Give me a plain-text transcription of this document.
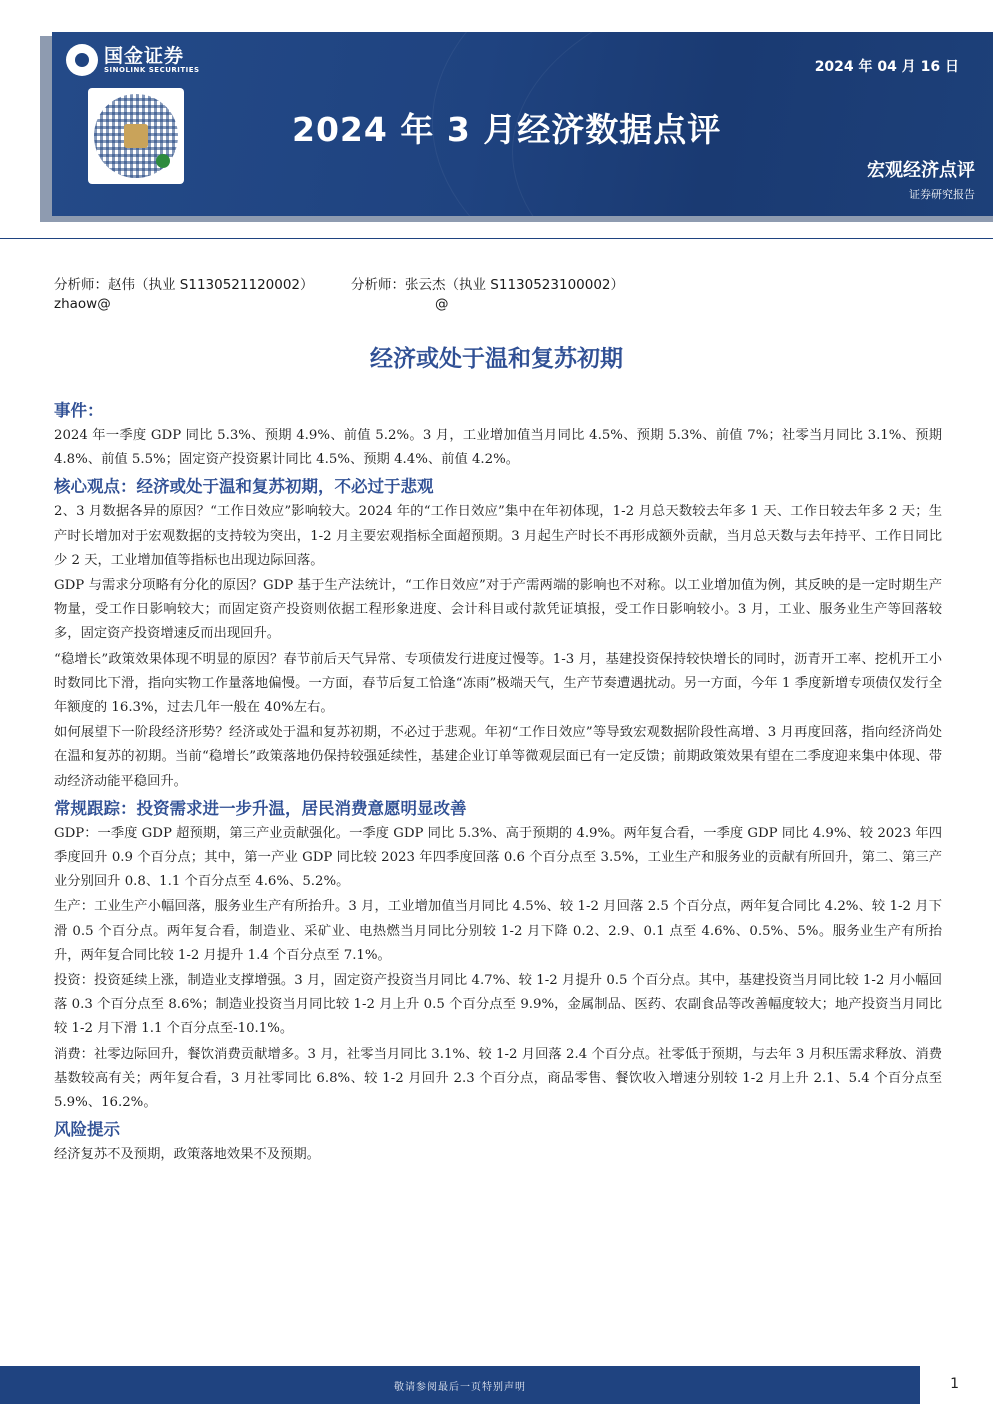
国金证券
SINOLINK SECURITIES	2024 年 04 月 16 日
2024 年 3 月经济数据点评
宏观经济点评
证券研究报告
分析师：赵伟（执业 S1130521120002）	分析师：张云杰（执业 S1130523100002）
zhaow@	@
经济或处于温和复苏初期
事件：

2024 年一季度 GDP 同比 5.3%、预期 4.9%、前值 5.2%。3 月，工业增加值当月同比 4.5%、预期 5.3%、前值 7%；社零当月同比 3.1%、预期 4.8%、前值 5.5%；固定资产投资累计同比 4.5%、预期 4.4%、前值 4.2%。

核心观点：经济或处于温和复苏初期，不必过于悲观

2、3 月数据各异的原因？“工作日效应”影响较大。2024 年的“工作日效应”集中在年初体现，1-2 月总天数较去年多 1 天、工作日较去年多 2 天；生产时长增加对于宏观数据的支持较为突出，1-2 月主要宏观指标全面超预期。3 月起生产时长不再形成额外贡献，当月总天数与去年持平、工作日同比少 2 天，工业增加值等指标也出现边际回落。

GDP 与需求分项略有分化的原因？GDP 基于生产法统计，“工作日效应”对于产需两端的影响也不对称。以工业增加值为例，其反映的是一定时期生产物量，受工作日影响较大；而固定资产投资则依据工程形象进度、会计科目或付款凭证填报，受工作日影响较小。3 月，工业、服务业生产等回落较多，固定资产投资增速反而出现回升。

“稳增长”政策效果体现不明显的原因？春节前后天气异常、专项债发行进度过慢等。1-3 月，基建投资保持较快增长的同时，沥青开工率、挖机开工小时数同比下滑，指向实物工作量落地偏慢。一方面，春节后复工恰逢“冻雨”极端天气，生产节奏遭遇扰动。另一方面，今年 1 季度新增专项债仅发行全年额度的 16.3%，过去几年一般在 40%左右。

如何展望下一阶段经济形势？经济或处于温和复苏初期，不必过于悲观。年初“工作日效应”等导致宏观数据阶段性高增、3 月再度回落，指向经济尚处在温和复苏的初期。当前“稳增长”政策落地仍保持较强延续性，基建企业订单等微观层面已有一定反馈；前期政策效果有望在二季度迎来集中体现、带动经济动能平稳回升。

常规跟踪：投资需求进一步升温，居民消费意愿明显改善

GDP：一季度 GDP 超预期，第三产业贡献强化。一季度 GDP 同比 5.3%、高于预期的 4.9%。两年复合看，一季度 GDP 同比 4.9%、较 2023 年四季度回升 0.9 个百分点；其中，第一产业 GDP 同比较 2023 年四季度回落 0.6 个百分点至 3.5%，工业生产和服务业的贡献有所回升，第二、第三产业分别回升 0.8、1.1 个百分点至 4.6%、5.2%。

生产：工业生产小幅回落，服务业生产有所抬升。3 月，工业增加值当月同比 4.5%、较 1-2 月回落 2.5 个百分点，两年复合同比 4.2%、较 1-2 月下滑 0.5 个百分点。两年复合看，制造业、采矿业、电热燃当月同比分别较 1-2 月下降 0.2、2.9、0.1 点至 4.6%、0.5%、5%。服务业生产有所抬升，两年复合同比较 1-2 月提升 1.4 个百分点至 7.1%。

投资：投资延续上涨，制造业支撑增强。3 月，固定资产投资当月同比 4.7%、较 1-2 月提升 0.5 个百分点。其中，基建投资当月同比较 1-2 月小幅回落 0.3 个百分点至 8.6%；制造业投资当月同比较 1-2 月上升 0.5 个百分点至 9.9%，金属制品、医药、农副食品等改善幅度较大；地产投资当月同比较 1-2 月下滑 1.1 个百分点至-10.1%。

消费：社零边际回升，餐饮消费贡献增多。3 月，社零当月同比 3.1%、较 1-2 月回落 2.4 个百分点。社零低于预期，与去年 3 月积压需求释放、消费基数较高有关；两年复合看，3 月社零同比 6.8%、较 1-2 月回升 2.3 个百分点，商品零售、餐饮收入增速分别较 1-2 月上升 2.1、5.4 个百分点至 5.9%、16.2%。

风险提示

经济复苏不及预期，政策落地效果不及预期。

敬请参阅最后一页特别声明	1
